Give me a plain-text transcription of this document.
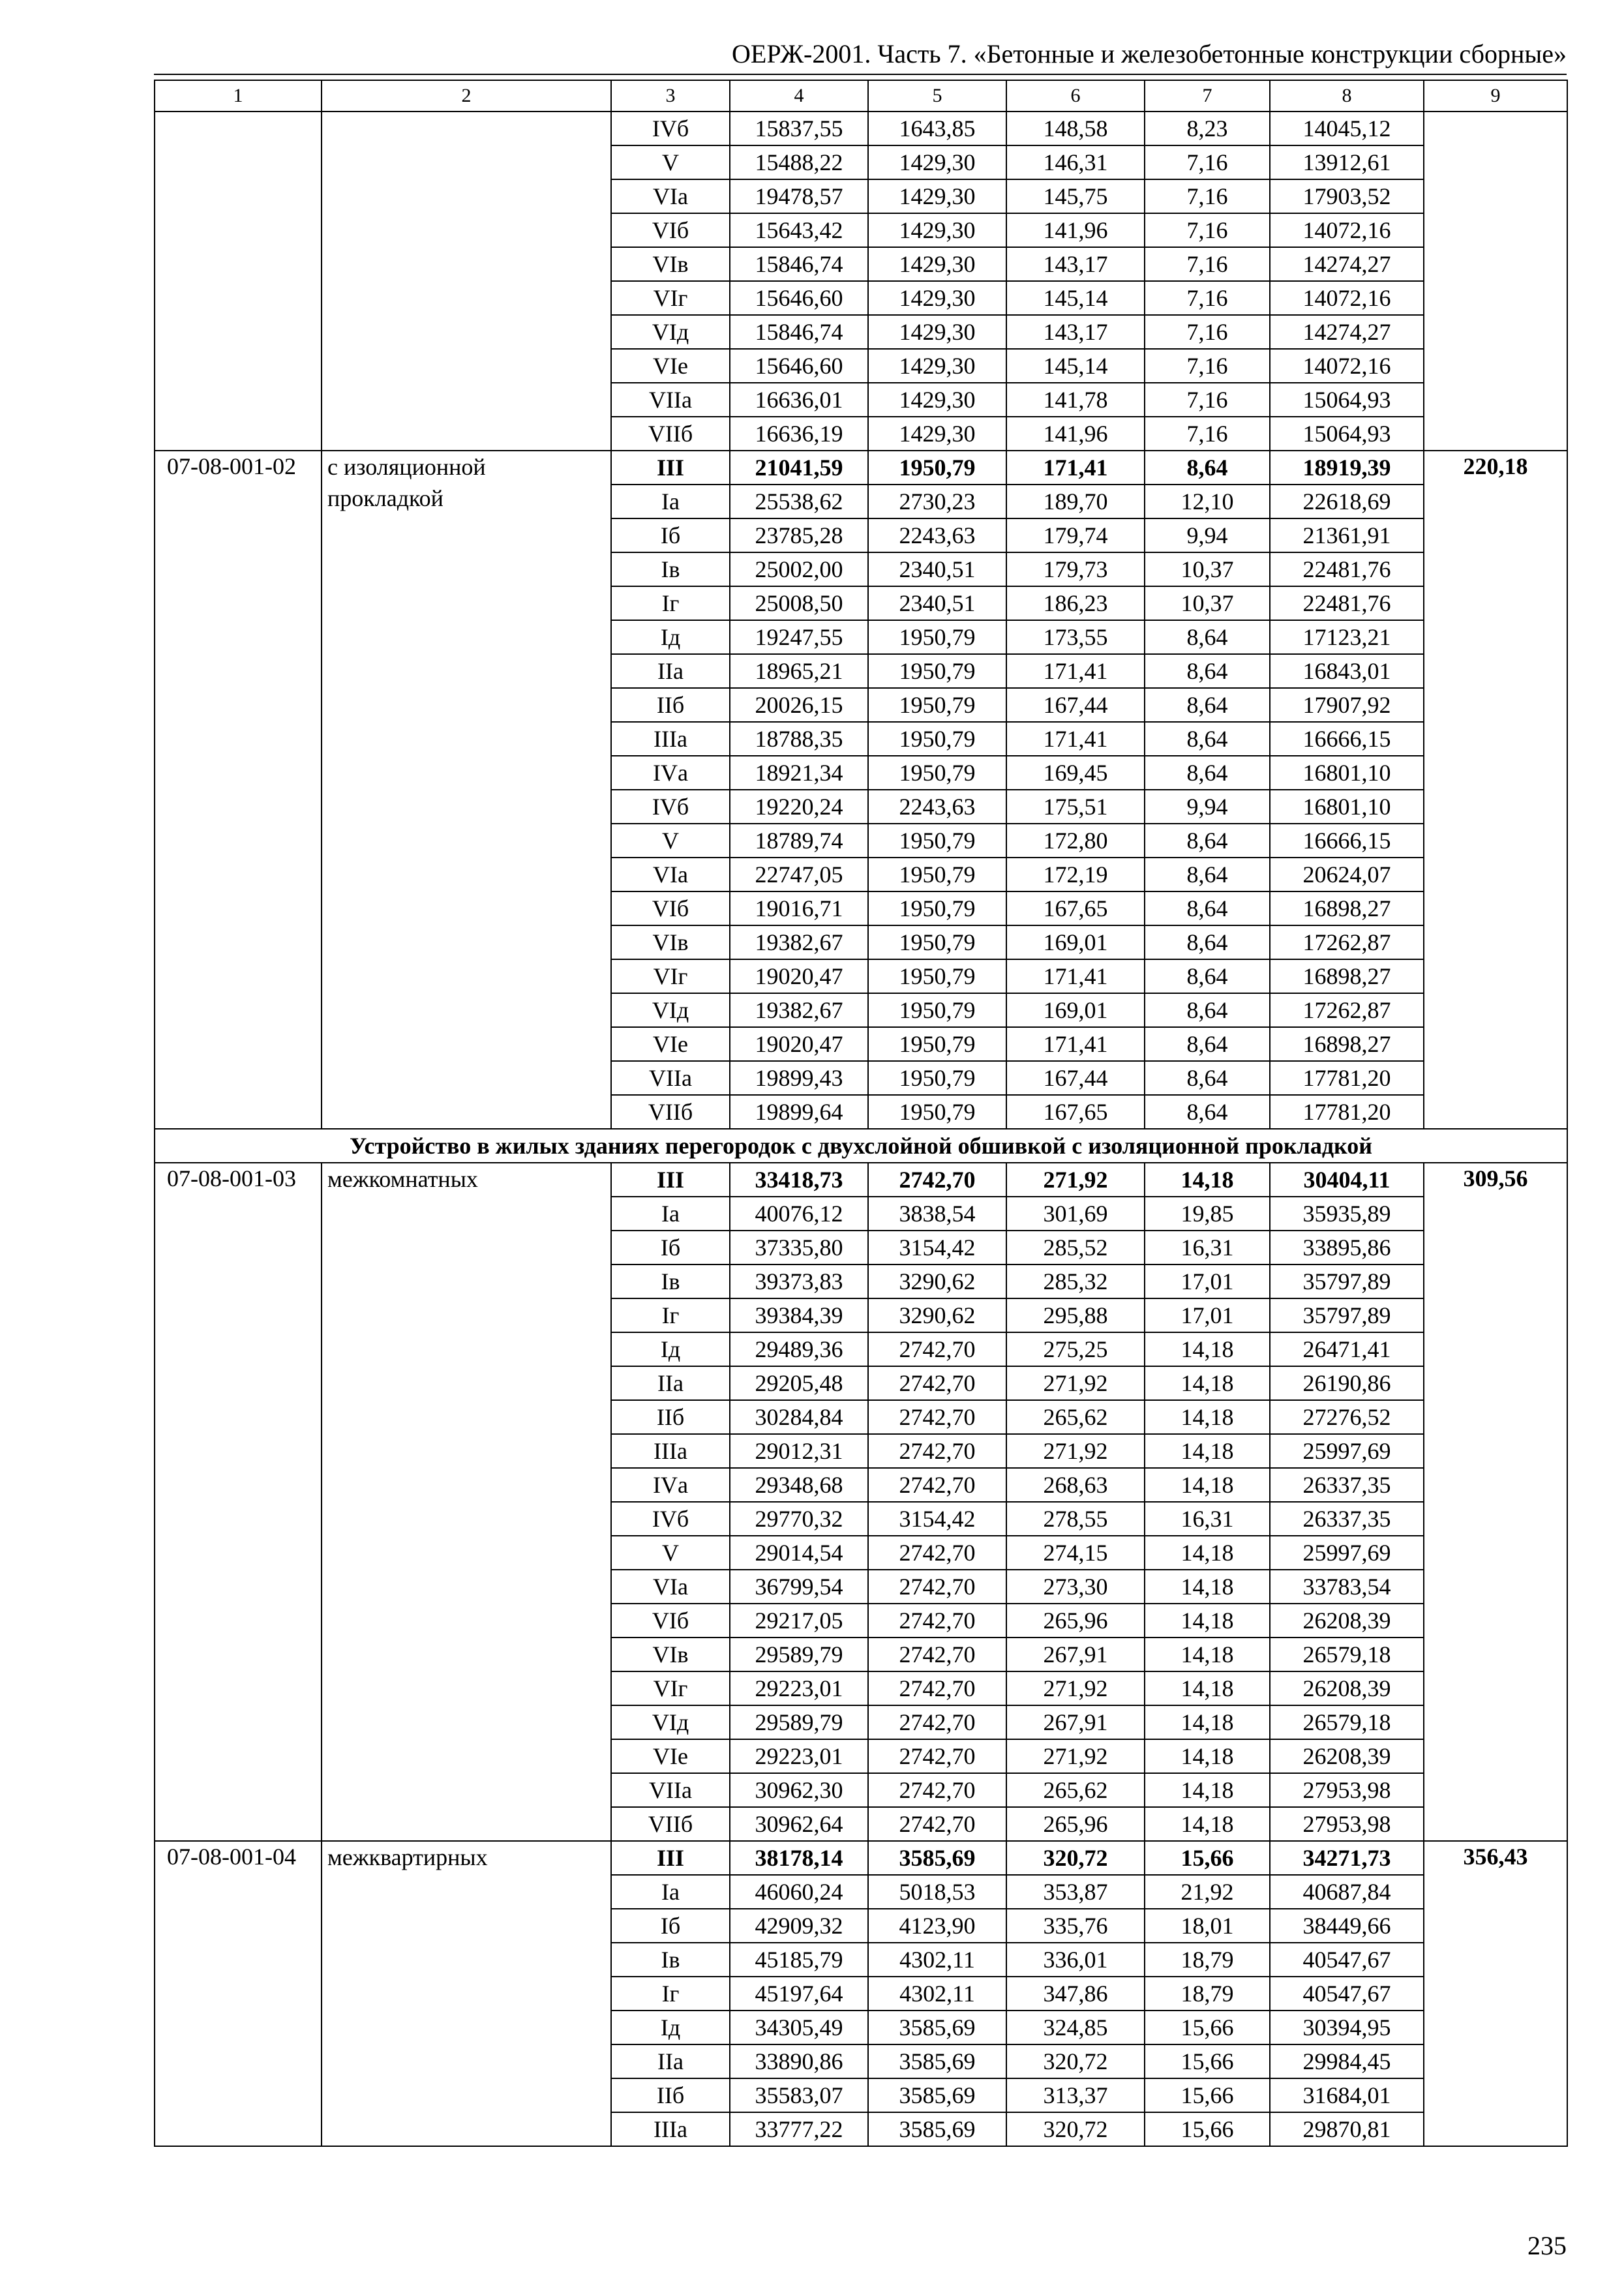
ОЕРЖ-2001. Часть 7. «Бетонные и железобетонные конструкции сборные»
1	2	3	4	5	6	7	8	9
		IVб	15837,55	1643,85	148,58	8,23	14045,12	
		V	15488,22	1429,30	146,31	7,16	13912,61	
		VIа	19478,57	1429,30	145,75	7,16	17903,52	
		VIб	15643,42	1429,30	141,96	7,16	14072,16	
		VIв	15846,74	1429,30	143,17	7,16	14274,27	
		VIг	15646,60	1429,30	145,14	7,16	14072,16	
		VIд	15846,74	1429,30	143,17	7,16	14274,27	
		VIе	15646,60	1429,30	145,14	7,16	14072,16	
		VIIа	16636,01	1429,30	141,78	7,16	15064,93	
		VIIб	16636,19	1429,30	141,96	7,16	15064,93	
07-08-001-02	с изоляционной прокладкой	III	21041,59	1950,79	171,41	8,64	18919,39	220,18
		Iа	25538,62	2730,23	189,70	12,10	22618,69	
		Iб	23785,28	2243,63	179,74	9,94	21361,91	
		Iв	25002,00	2340,51	179,73	10,37	22481,76	
		Iг	25008,50	2340,51	186,23	10,37	22481,76	
		Iд	19247,55	1950,79	173,55	8,64	17123,21	
		IIа	18965,21	1950,79	171,41	8,64	16843,01	
		IIб	20026,15	1950,79	167,44	8,64	17907,92	
		IIIа	18788,35	1950,79	171,41	8,64	16666,15	
		IVа	18921,34	1950,79	169,45	8,64	16801,10	
		IVб	19220,24	2243,63	175,51	9,94	16801,10	
		V	18789,74	1950,79	172,80	8,64	16666,15	
		VIа	22747,05	1950,79	172,19	8,64	20624,07	
		VIб	19016,71	1950,79	167,65	8,64	16898,27	
		VIв	19382,67	1950,79	169,01	8,64	17262,87	
		VIг	19020,47	1950,79	171,41	8,64	16898,27	
		VIд	19382,67	1950,79	169,01	8,64	17262,87	
		VIе	19020,47	1950,79	171,41	8,64	16898,27	
		VIIа	19899,43	1950,79	167,44	8,64	17781,20	
		VIIб	19899,64	1950,79	167,65	8,64	17781,20	
Устройство в жилых зданиях перегородок с двухслойной обшивкой с изоляционной прокладкой								
07-08-001-03	межкомнатных	III	33418,73	2742,70	271,92	14,18	30404,11	309,56
		Iа	40076,12	3838,54	301,69	19,85	35935,89	
		Iб	37335,80	3154,42	285,52	16,31	33895,86	
		Iв	39373,83	3290,62	285,32	17,01	35797,89	
		Iг	39384,39	3290,62	295,88	17,01	35797,89	
		Iд	29489,36	2742,70	275,25	14,18	26471,41	
		IIа	29205,48	2742,70	271,92	14,18	26190,86	
		IIб	30284,84	2742,70	265,62	14,18	27276,52	
		IIIа	29012,31	2742,70	271,92	14,18	25997,69	
		IVа	29348,68	2742,70	268,63	14,18	26337,35	
		IVб	29770,32	3154,42	278,55	16,31	26337,35	
		V	29014,54	2742,70	274,15	14,18	25997,69	
		VIа	36799,54	2742,70	273,30	14,18	33783,54	
		VIб	29217,05	2742,70	265,96	14,18	26208,39	
		VIв	29589,79	2742,70	267,91	14,18	26579,18	
		VIг	29223,01	2742,70	271,92	14,18	26208,39	
		VIд	29589,79	2742,70	267,91	14,18	26579,18	
		VIе	29223,01	2742,70	271,92	14,18	26208,39	
		VIIа	30962,30	2742,70	265,62	14,18	27953,98	
		VIIб	30962,64	2742,70	265,96	14,18	27953,98	
07-08-001-04	межквартирных	III	38178,14	3585,69	320,72	15,66	34271,73	356,43
		Iа	46060,24	5018,53	353,87	21,92	40687,84	
		Iб	42909,32	4123,90	335,76	18,01	38449,66	
		Iв	45185,79	4302,11	336,01	18,79	40547,67	
		Iг	45197,64	4302,11	347,86	18,79	40547,67	
		Iд	34305,49	3585,69	324,85	15,66	30394,95	
		IIа	33890,86	3585,69	320,72	15,66	29984,45	
		IIб	35583,07	3585,69	313,37	15,66	31684,01	
		IIIа	33777,22	3585,69	320,72	15,66	29870,81	
235
